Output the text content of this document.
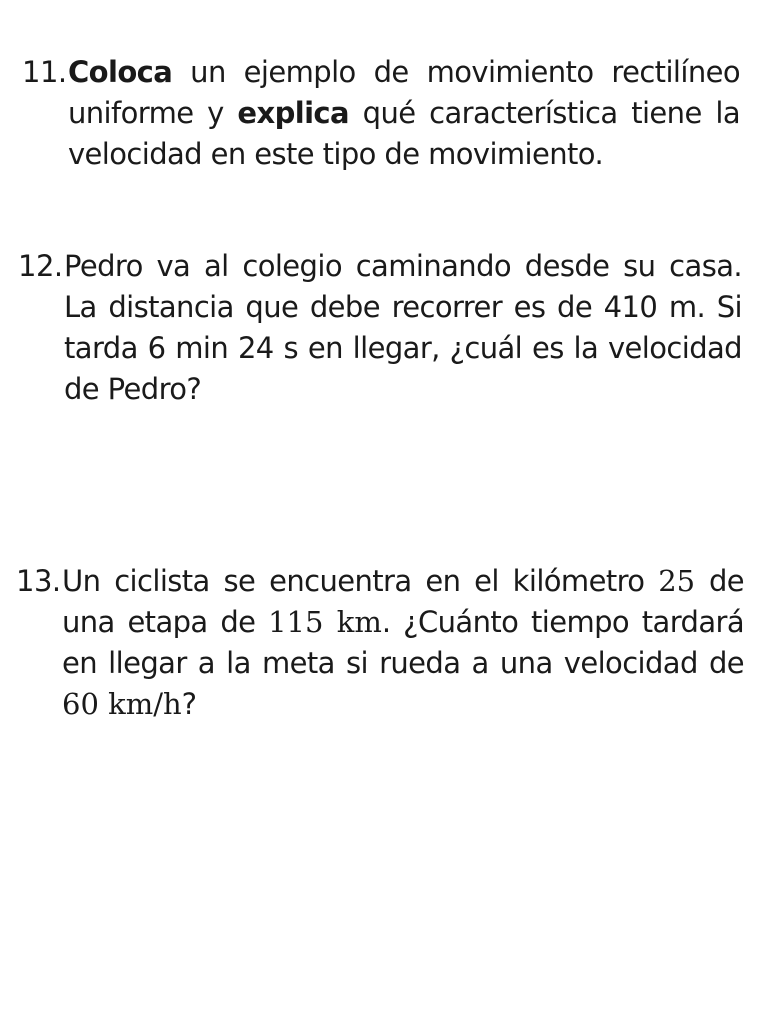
11. Coloca un ejemplo de movimiento rectilíneo
uniforme y explica qué característica tiene la
velocidad en este tipo de movimiento.
12. Pedro va al colegio caminando desde su casa.
La distancia que debe recorrer es de 410 m. Si
tarda 6 min 24 s en llegar, ¿cuál es la velocidad
de Pedro?
13. Un ciclista se encuentra en el kilómetro 25 de
una etapa de 115 km. ¿Cuánto tiempo tardará
en llegar a la meta si rueda a una velocidad de
60 km/h?
